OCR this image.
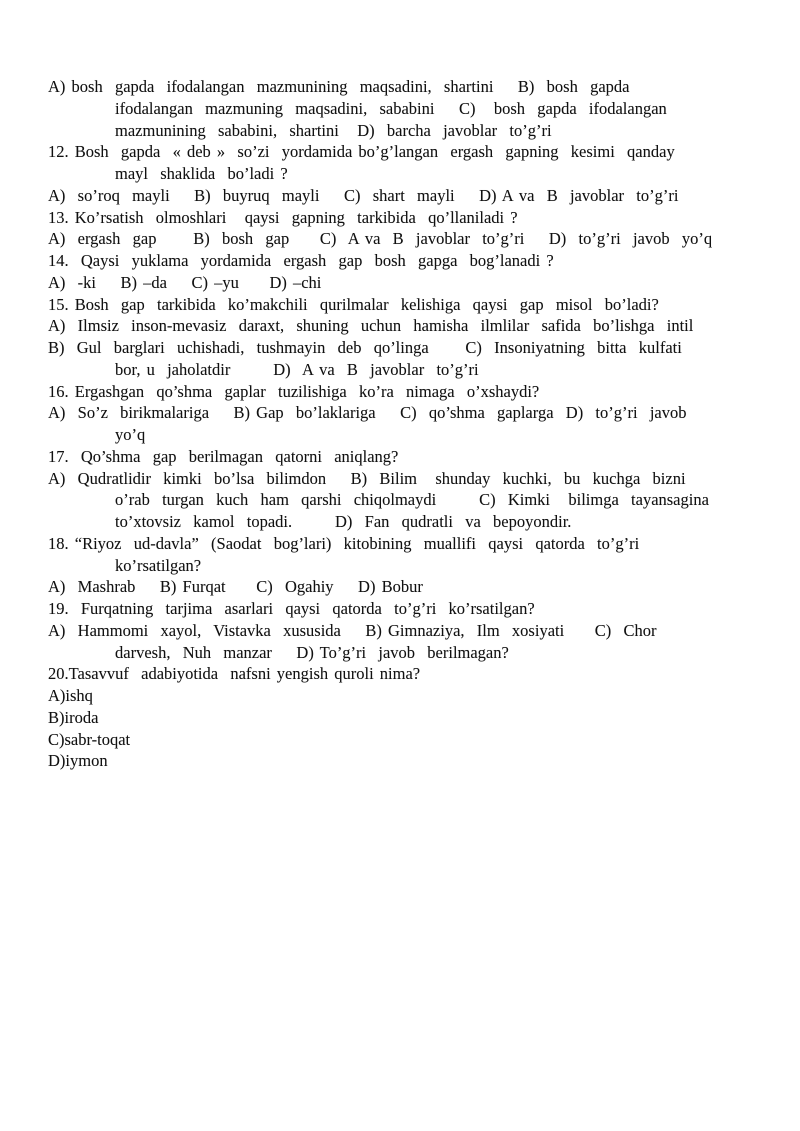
A) bosh  gapda  ifodalangan  mazmunining  maqsadini,  shartini    B)  bosh  gapda
ifodalangan  mazmuning  maqsadini,  sababini    C)   bosh  gapda  ifodalangan
mazmunining  sababini,  shartini   D)  barcha  javoblar  to’g’ri
12. Bosh  gapda  « deb »  so’zi  yordamida bo’g’langan  ergash  gapning  kesimi  qanday
mayl  shaklida  bo’ladi ?
A)  so’roq  mayli    B)  buyruq  mayli    C)  shart  mayli    D) A va  B  javoblar  to’g’ri
13. Ko’rsatish  olmoshlari   qaysi  gapning  tarkibida  qo’llaniladi ?
A)  ergash  gap      B)  bosh  gap     C)  A va  B  javoblar  to’g’ri    D)  to’g’ri  javob  yo’q
14.  Qaysi  yuklama  yordamida  ergash  gap  bosh  gapga  bog’lanadi ?
A)  -ki    B) –da    C) –yu     D) –chi
15. Bosh  gap  tarkibida  ko’makchili  qurilmalar  kelishiga  qaysi  gap  misol  bo’ladi?
A)  Ilmsiz  inson-mevasiz  daraxt,  shuning  uchun  hamisha  ilmlilar  safida  bo’lishga  intil
B)  Gul  barglari  uchishadi,  tushmayin  deb  qo’linga      C)  Insoniyatning  bitta  kulfati
bor, u  jaholatdir       D)  A va  B  javoblar  to’g’ri
16. Ergashgan  qo’shma  gaplar  tuzilishiga  ko’ra  nimaga  o’xshaydi?
A)  So’z  birikmalariga    B) Gap  bo’laklariga    C)  qo’shma  gaplarga  D)  to’g’ri  javob
yo’q
17.  Qo’shma  gap  berilmagan  qatorni  aniqlang?
A)  Qudratlidir  kimki  bo’lsa  bilimdon    B)  Bilim   shunday  kuchki,  bu  kuchga  bizni
o’rab  turgan  kuch  ham  qarshi  chiqolmaydi       C)  Kimki   bilimga  tayansagina
to’xtovsiz  kamol  topadi.       D)  Fan  qudratli  va  bepoyondir.
18. “Riyoz  ud-davla”  (Saodat  bog’lari)  kitobining  muallifi  qaysi  qatorda  to’g’ri
ko’rsatilgan?
A)  Mashrab    B) Furqat     C)  Ogahiy    D) Bobur
19.  Furqatning  tarjima  asarlari  qaysi  qatorda  to’g’ri  ko’rsatilgan?
A)  Hammomi  xayol,  Vistavka  xususida    B) Gimnaziya,  Ilm  xosiyati     C)  Chor
darvesh,  Nuh  manzar    D) To’g’ri  javob  berilmagan?
20.Tasavvuf  adabiyotida  nafsni yengish quroli nima?
A)ishq
B)iroda
C)sabr-toqat
D)iymon
